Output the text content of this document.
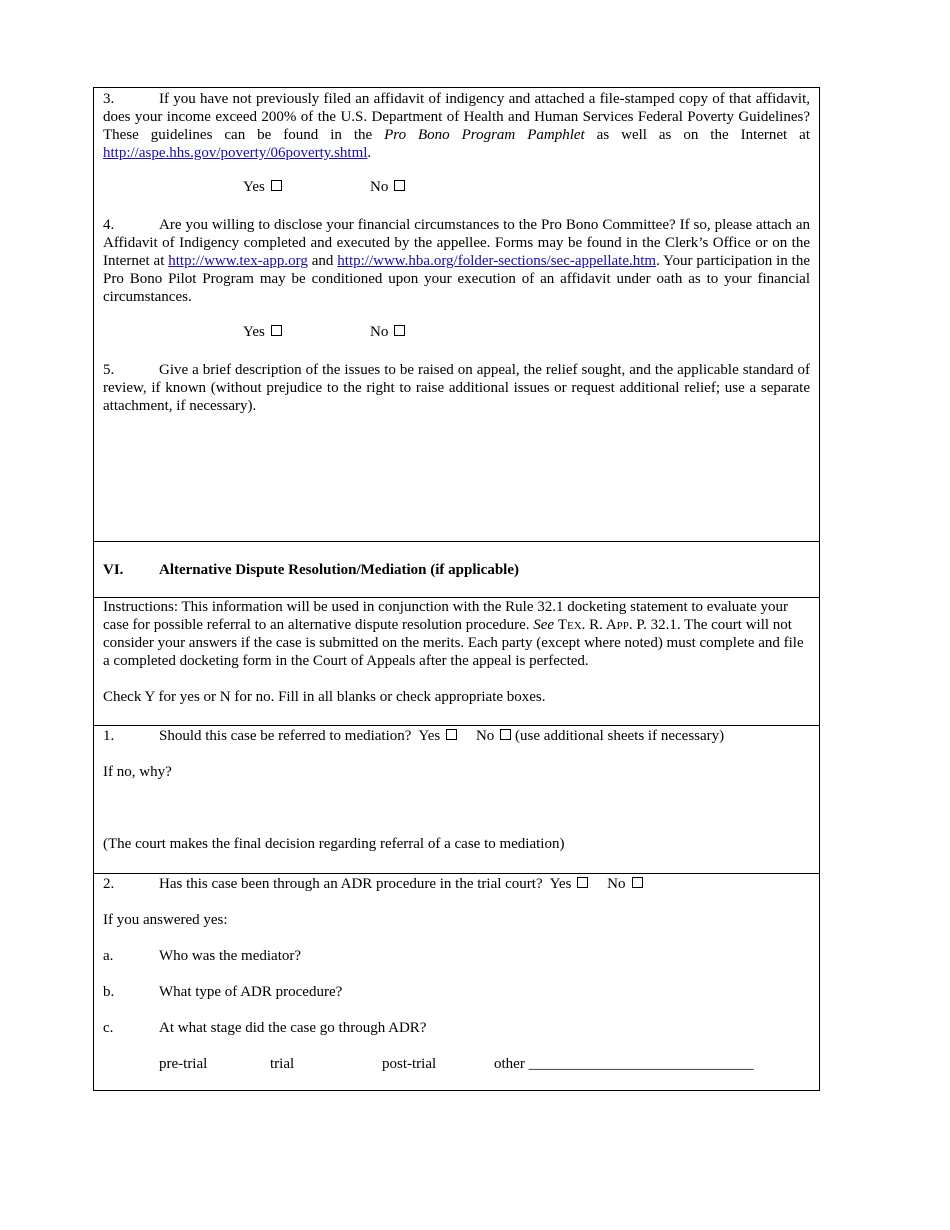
3.	If you have not previously filed an affidavit of indigency and attached a file-stamped copy of that affidavit, does your income exceed 200% of the U.S. Department of Health and Human Services Federal Poverty Guidelines? These guidelines can be found in the Pro Bono Program Pamphlet as well as on the Internet at http://aspe.hhs.gov/poverty/06poverty.shtml.

Yes	No

4.	Are you willing to disclose your financial circumstances to the Pro Bono Committee? If so, please attach an Affidavit of Indigency completed and executed by the appellee. Forms may be found in the Clerk’s Office or on the Internet at http://www.tex-app.org and http://www.hba.org/folder-sections/sec-appellate.htm. Your participation in the Pro Bono Pilot Program may be conditioned upon your execution of an affidavit under oath as to your financial circumstances.

Yes	No

5.	Give a brief description of the issues to be raised on appeal, the relief sought, and the applicable standard of review, if known (without prejudice to the right to raise additional issues or request additional relief; use a separate attachment, if necessary).

VI. Alternative Dispute Resolution/Mediation (if applicable)

Instructions: This information will be used in conjunction with the Rule 32.1 docketing statement to evaluate your case for possible referral to an alternative dispute resolution procedure. See Tex. R. App. P. 32.1. The court will not consider your answers if the case is submitted on the merits. Each party (except where noted) must complete and file a completed docketing form in the Court of Appeals after the appeal is perfected.

Check Y for yes or N for no. Fill in all blanks or check appropriate boxes.

1.	Should this case be referred to mediation? Yes No (use additional sheets if necessary)

If no, why?

(The court makes the final decision regarding referral of a case to mediation)

2.	Has this case been through an ADR procedure in the trial court? Yes No

If you answered yes:

a.	Who was the mediator?

b.	What type of ADR procedure?

c.	At what stage did the case go through ADR?

pre-trial	trial	post-trial	other ______________________________
